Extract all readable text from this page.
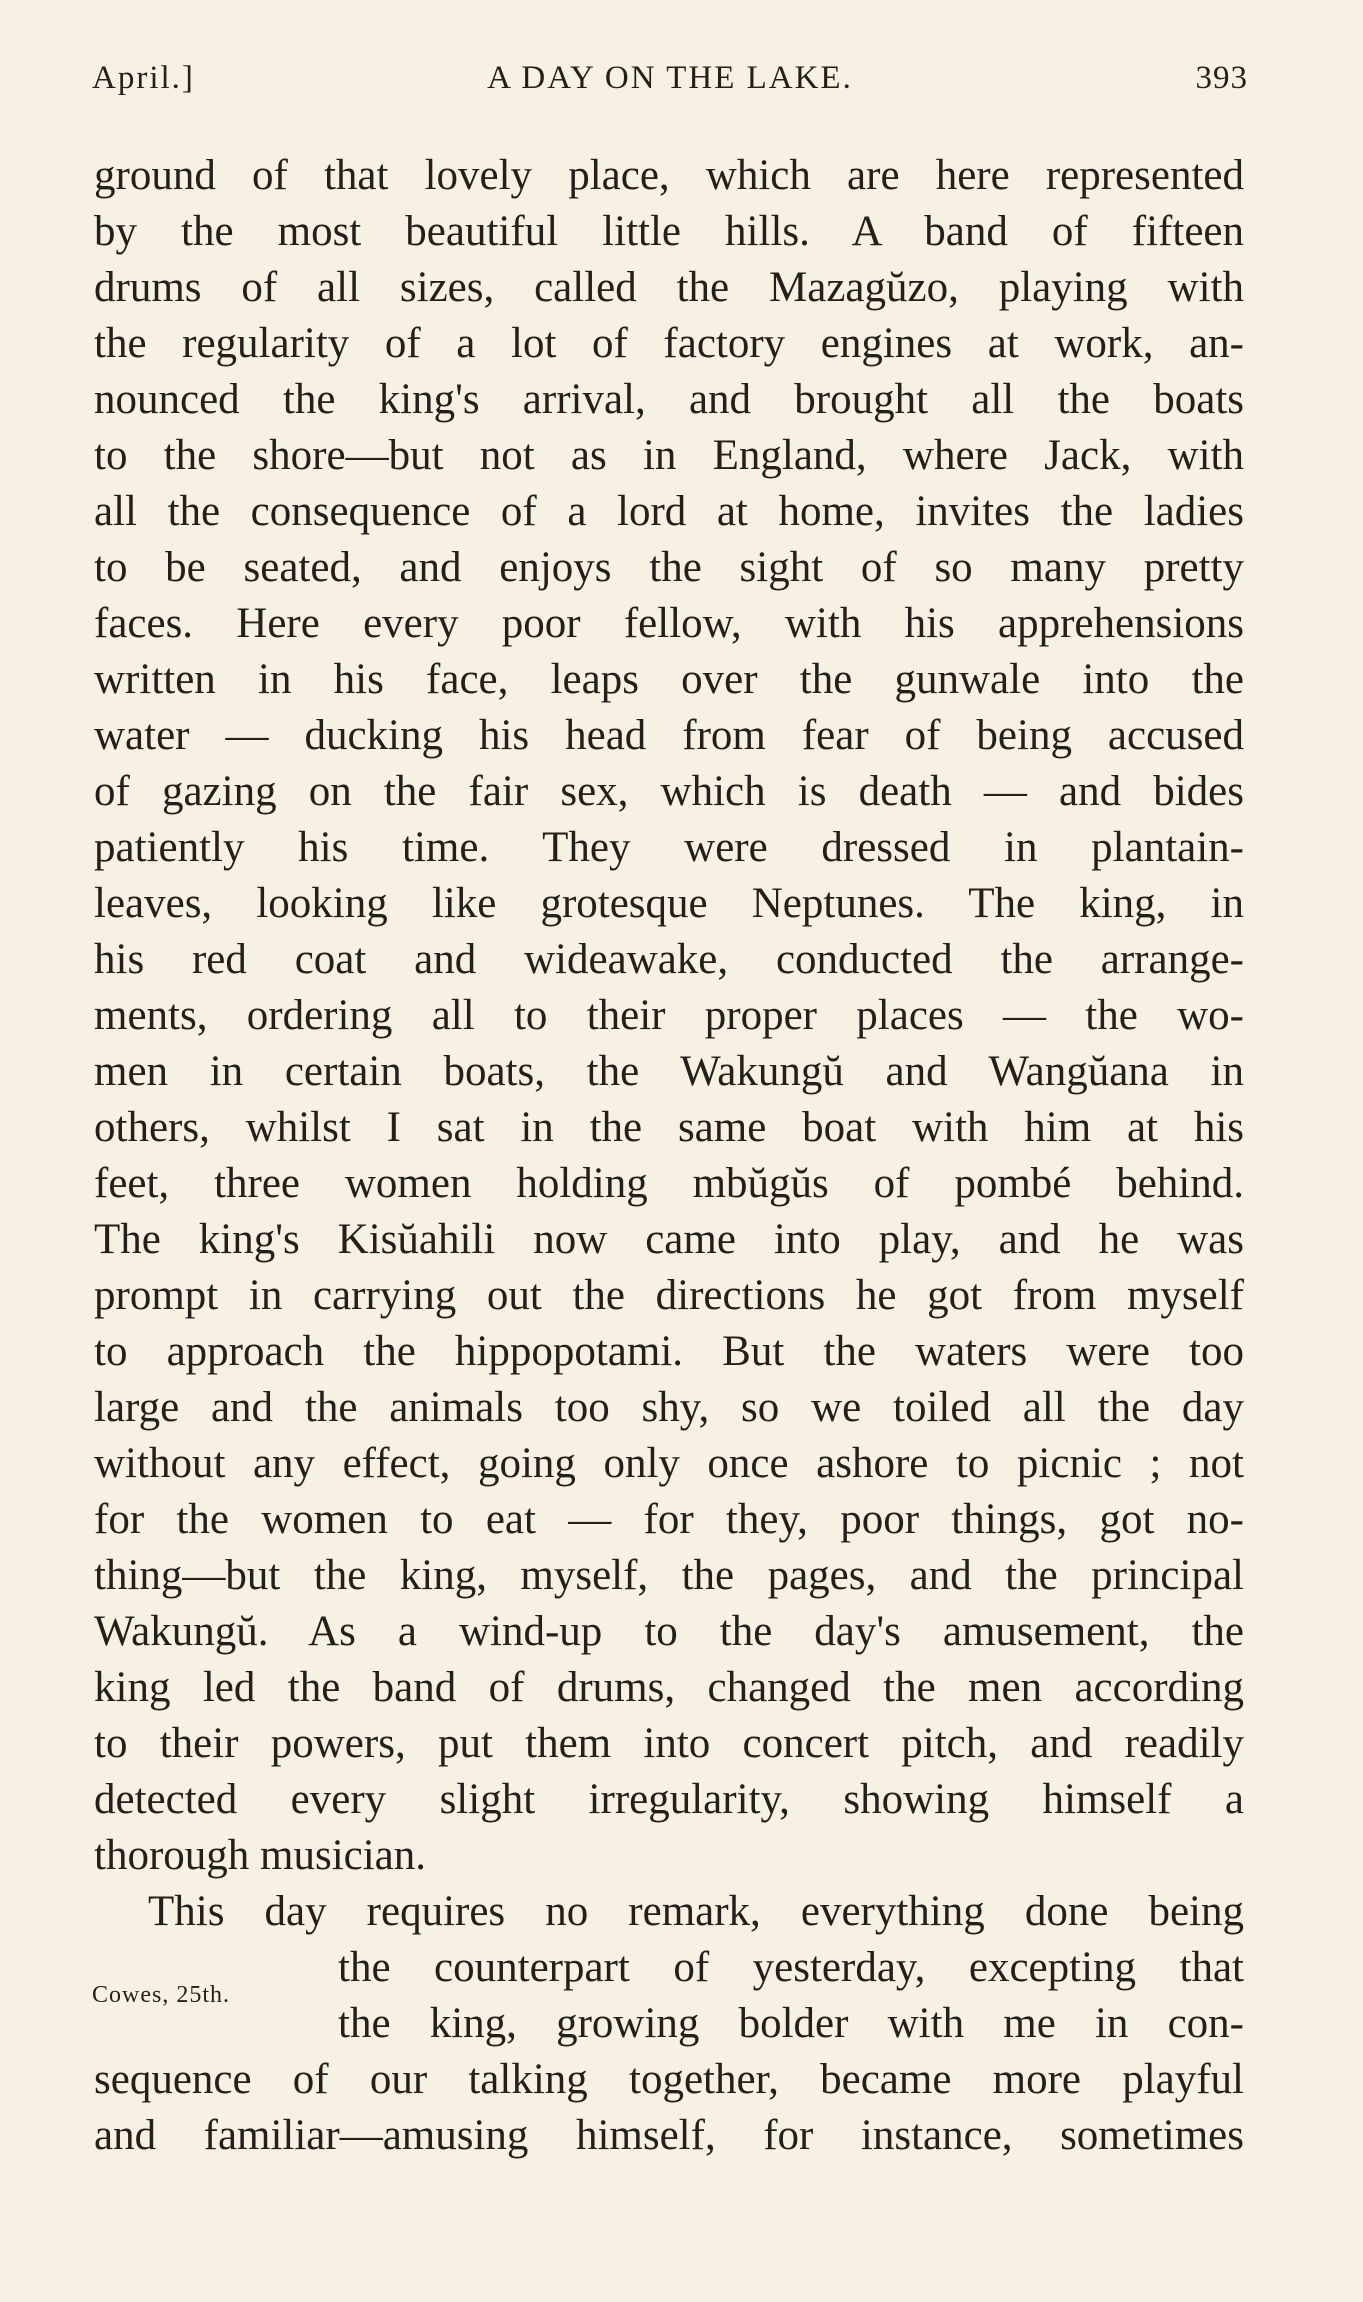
April.]	A DAY ON THE LAKE.	393
ground of that lovely place, which are here represented
by the most beautiful little hills. A band of fifteen
drums of all sizes, called the Mazagŭzo, playing with
the regularity of a lot of factory engines at work, an-
nounced the king's arrival, and brought all the boats
to the shore—but not as in England, where Jack, with
all the consequence of a lord at home, invites the ladies
to be seated, and enjoys the sight of so many pretty
faces. Here every poor fellow, with his apprehensions
written in his face, leaps over the gunwale into the
water — ducking his head from fear of being accused
of gazing on the fair sex, which is death — and bides
patiently his time. They were dressed in plantain-
leaves, looking like grotesque Neptunes. The king, in
his red coat and wideawake, conducted the arrange-
ments, ordering all to their proper places — the wo-
men in certain boats, the Wakungŭ and Wangŭana in
others, whilst I sat in the same boat with him at his
feet, three women holding mbŭgŭs of pombé behind.
The king's Kisŭahili now came into play, and he was
prompt in carrying out the directions he got from myself
to approach the hippopotami. But the waters were too
large and the animals too shy, so we toiled all the day
without any effect, going only once ashore to picnic ; not
for the women to eat — for they, poor things, got no-
thing—but the king, myself, the pages, and the principal
Wakungŭ. As a wind-up to the day's amusement, the
king led the band of drums, changed the men according
to their powers, put them into concert pitch, and readily
detected every slight irregularity, showing himself a
thorough musician.
This day requires no remark, everything done being
the counterpart of yesterday, excepting that
the king, growing bolder with me in con-
sequence of our talking together, became more playful
and familiar—amusing himself, for instance, sometimes
Cowes, 25th.
